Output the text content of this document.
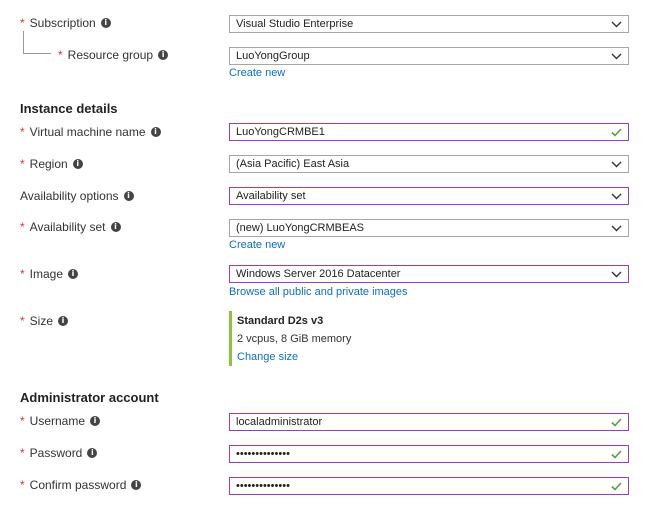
* Subscription	i	Visual Studio Enterprise
* Resource group	i	LuoYongGroup
Create new
Instance details
* Virtual machine name	i	LuoYongCRMBE1
* Region	i	(Asia Pacific) East Asia
Availability options	i	Availability set
* Availability set	i	(new) LuoYongCRMBEAS
Create new
* Image	i	Windows Server 2016 Datacenter
Browse all public and private images
* Size	i	Standard D2s v3
2 vcpus, 8 GiB memory
Change size
Administrator account
* Username	i	localadministrator
* Password	i	••••••••••••••
* Confirm password	i	••••••••••••••
